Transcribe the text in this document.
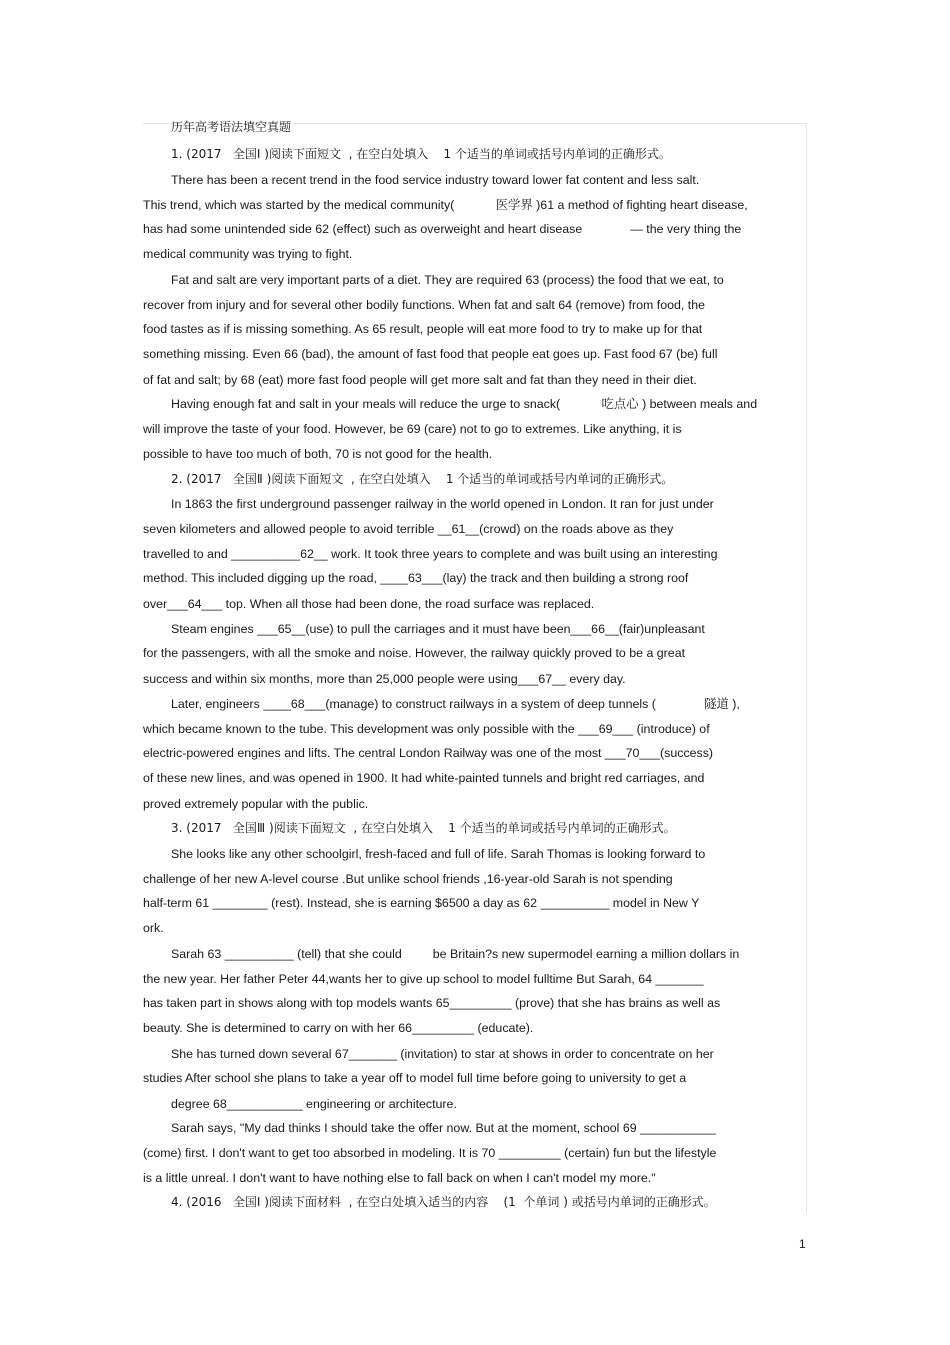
历年高考语法填空真题
1. (2017   全国Ⅰ )阅读下面短文  , 在空白处填入    1 个适当的单词或括号内单词的正确形式。
There has been a recent trend in the food service industry toward lower fat content and less salt.
This trend, which was started by the medical community(            医学界 )61 a method of fighting heart disease,
has had some unintended side 62 (effect) such as overweight and heart disease              — the very thing the
medical community was trying to fight.
Fat and salt are very important parts of a diet. They are required 63 (process) the food that we eat, to
recover from injury and for several other bodily functions. When fat and salt 64 (remove) from food, the
food tastes as if is missing something. As 65 result, people will eat more food to try to make up for that
something missing. Even 66 (bad), the amount of fast food that people eat goes up. Fast food 67 (be) full
of fat and salt; by 68 (eat) more fast food people will get more salt and fat than they need in their diet.
Having enough fat and salt in your meals will reduce the urge to snack(            吃点心 ) between meals and
will improve the taste of your food. However, be 69 (care) not to go to extremes. Like anything, it is
possible to have too much of both, 70 is not good for the health.
2. (2017   全国Ⅱ )阅读下面短文  , 在空白处填入    1 个适当的单词或括号内单词的正确形式。
In 1863 the first underground passenger railway in the world opened in London. It ran for just under
seven kilometers and allowed people to avoid terrible __61__(crowd) on the roads above as they
travelled to and __________62__ work. It took three years to complete and was built using an interesting
method. This included digging up the road, ____63___(lay) the track and then building a strong roof
over___64___ top. When all those had been done, the road surface was replaced.
Steam engines ___65__(use) to pull the carriages and it must have been___66__(fair)unpleasant
for the passengers, with all the smoke and noise. However, the railway quickly proved to be a great
success and within six months, more than 25,000 people were using___67__ every day.
Later, engineers ____68___(manage) to construct railways in a system of deep tunnels (              隧道 ),
which became known to the tube. This development was only possible with the ___69___ (introduce) of
electric-powered engines and lifts. The central London Railway was one of the most ___70___(success)
of these new lines, and was opened in 1900. It had white-painted tunnels and bright red carriages, and
proved extremely popular with the public.
3. (2017   全国Ⅲ )阅读下面短文  , 在空白处填入    1 个适当的单词或括号内单词的正确形式。
She looks like any other schoolgirl, fresh-faced and full of life. Sarah Thomas is looking forward to
challenge of her new A-level course .But unlike school friends ,16-year-old Sarah is not spending
half-term 61 ________ (rest). Instead, she is earning $6500 a day as 62 __________ model in New Y
ork.
Sarah 63 __________ (tell) that she could         be Britain?s new supermodel earning a million dollars in
the new year. Her father Peter 44,wants her to give up school to model fulltime But Sarah, 64 _______
has taken part in shows along with top models wants 65_________ (prove) that she has brains as well as
beauty. She is determined to carry on with her 66_________ (educate).
She has turned down several 67_______ (invitation) to star at shows in order to concentrate on her
studies After school she plans to take a year off to model full time before going to university to get a
degree 68___________ engineering or architecture.
Sarah says, "My dad thinks I should take the offer now. But at the moment, school 69 ___________
(come) first. I don't want to get too absorbed in modeling. It is 70 _________ (certain) fun but the lifestyle
is a little unreal. I don't want to have nothing else to fall back on when I can't model my more."
4. (2016   全国Ⅰ )阅读下面材料  , 在空白处填入适当的内容    (1  个单词 ) 或括号内单词的正确形式。
1
